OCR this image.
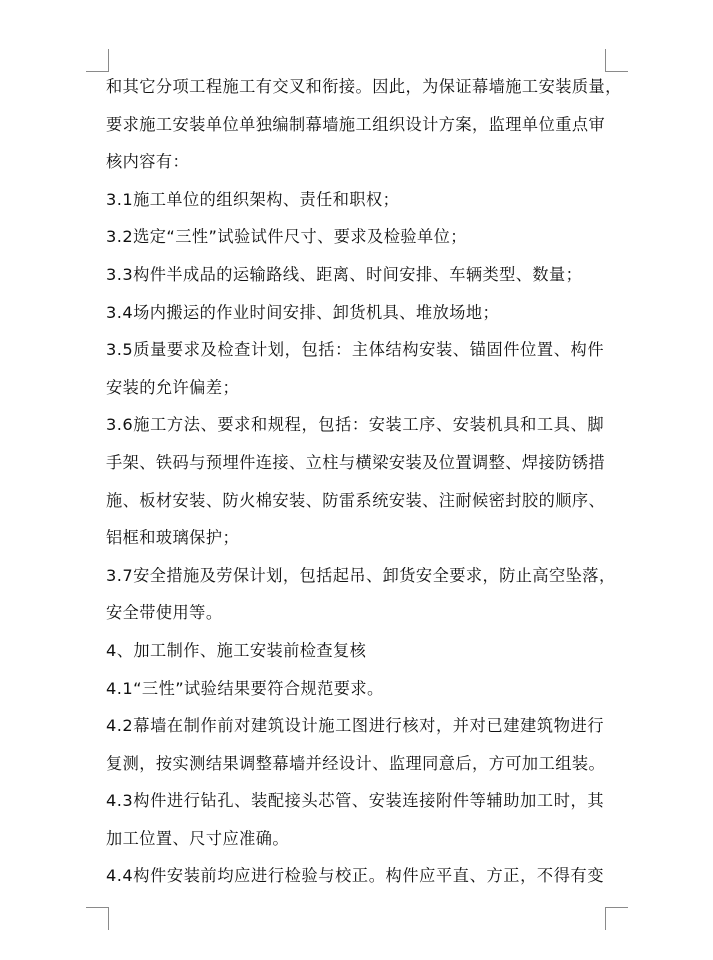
和其它分项工程施工有交叉和衔接。因此，为保证幕墙施工安装质量，
要求施工安装单位单独编制幕墙施工组织设计方案，监理单位重点审
核内容有：
3.1施工单位的组织架构、责任和职权；
3.2选定“三性”试验试件尺寸、要求及检验单位；
3.3构件半成品的运输路线、距离、时间安排、车辆类型、数量；
3.4场内搬运的作业时间安排、卸货机具、堆放场地；
3.5质量要求及检查计划，包括：主体结构安装、锚固件位置、构件
安装的允许偏差；
3.6施工方法、要求和规程，包括：安装工序、安装机具和工具、脚
手架、铁码与预埋件连接、立柱与横梁安装及位置调整、焊接防锈措
施、板材安装、防火棉安装、防雷系统安装、注耐候密封胶的顺序、
铝框和玻璃保护；
3.7安全措施及劳保计划，包括起吊、卸货安全要求，防止高空坠落，
安全带使用等。
4、加工制作、施工安装前检查复核
4.1“三性”试验结果要符合规范要求。
4.2幕墙在制作前对建筑设计施工图进行核对，并对已建建筑物进行
复测，按实测结果调整幕墙并经设计、监理同意后，方可加工组装。
4.3构件进行钻孔、装配接头芯管、安装连接附件等辅助加工时，其
加工位置、尺寸应准确。
4.4构件安装前均应进行检验与校正。构件应平直、方正，不得有变
